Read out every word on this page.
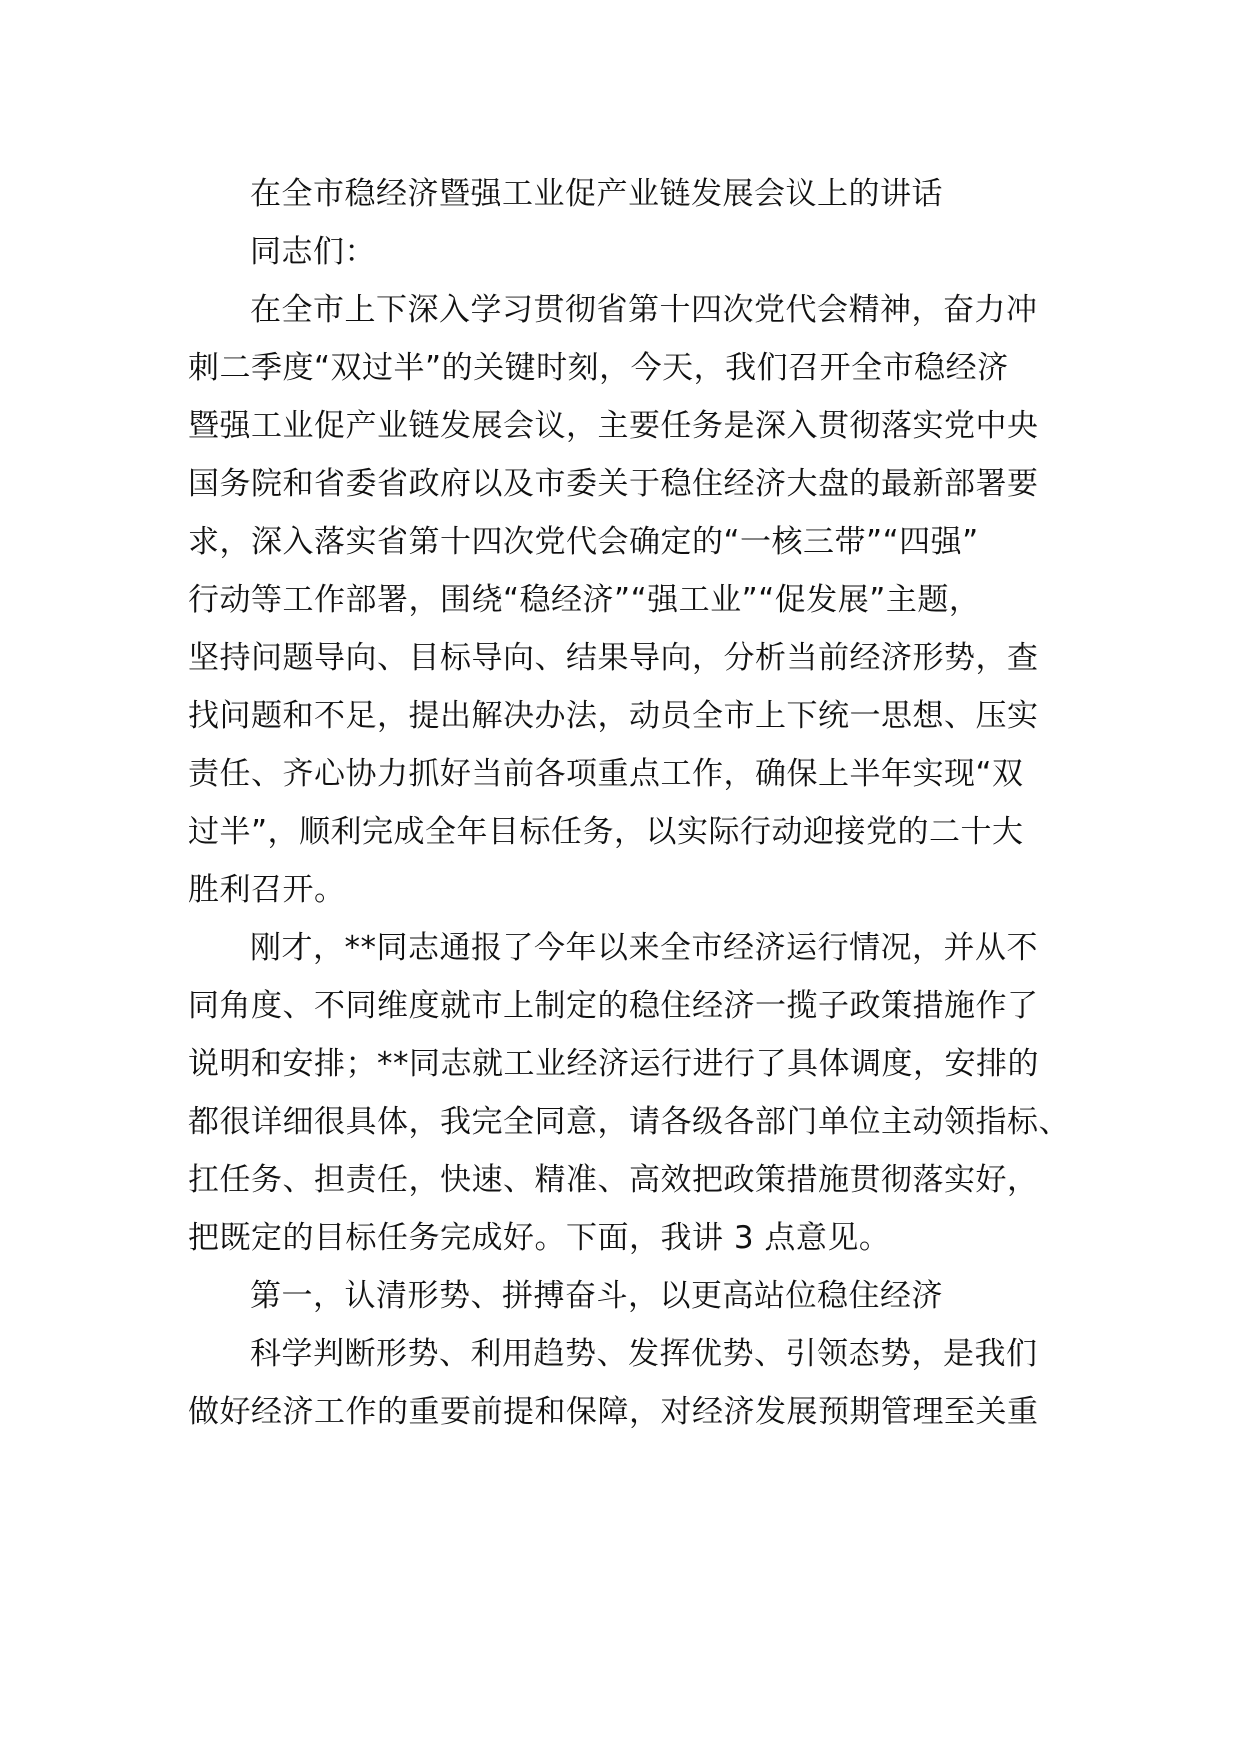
在全市稳经济暨强工业促产业链发展会议上的讲话
同志们：
在全市上下深入学习贯彻省第十四次党代会精神，奋力冲
刺二季度“双过半”的关键时刻，今天，我们召开全市稳经济
暨强工业促产业链发展会议，主要任务是深入贯彻落实党中央
国务院和省委省政府以及市委关于稳住经济大盘的最新部署要
求，深入落实省第十四次党代会确定的“一核三带”“四强”
行动等工作部署，围绕“稳经济”“强工业”“促发展”主题，
坚持问题导向、目标导向、结果导向，分析当前经济形势，查
找问题和不足，提出解决办法，动员全市上下统一思想、压实
责任、齐心协力抓好当前各项重点工作，确保上半年实现“双
过半”，顺利完成全年目标任务，以实际行动迎接党的二十大
胜利召开。
刚才，**同志通报了今年以来全市经济运行情况，并从不
同角度、不同维度就市上制定的稳住经济一揽子政策措施作了
说明和安排；**同志就工业经济运行进行了具体调度，安排的
都很详细很具体，我完全同意，请各级各部门单位主动领指标、
扛任务、担责任，快速、精准、高效把政策措施贯彻落实好，
把既定的目标任务完成好。下面，我讲 3 点意见。
第一，认清形势、拼搏奋斗，以更高站位稳住经济
科学判断形势、利用趋势、发挥优势、引领态势，是我们
做好经济工作的重要前提和保障，对经济发展预期管理至关重
